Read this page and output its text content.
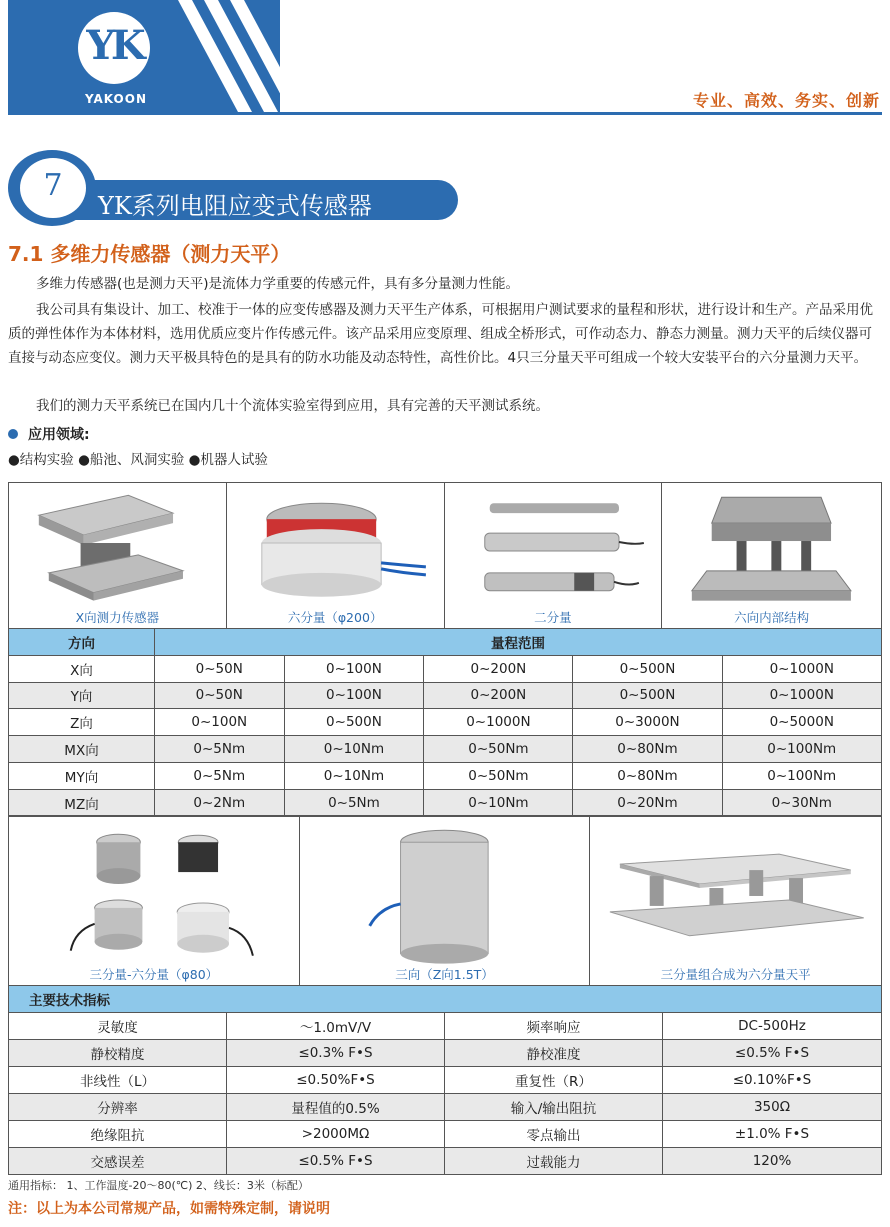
YK
YAKOON	专业、高效、务实、创新
YK系列电阻应变式传感器
7
7.1 多维力传感器（测力天平）
多维力传感器(也是测力天平)是流体力学重要的传感元件，具有多分量测力性能。
我公司具有集设计、加工、校准于一体的应变传感器及测力天平生产体系，可根据用户测试要求的量程和形状，进行设计和生产。产品采用优质的弹性体作为本体材料，选用优质应变片作传感元件。该产品采用应变原理、组成全桥形式，可作动态力、静态力测量。测力天平的后续仪器可直接与动态应变仪。测力天平极具特色的是具有的防水功能及动态特性，高性价比。4只三分量天平可组成一个较大安装平台的六分量测力天平。
我们的测力天平系统已在国内几十个流体实验室得到应用，具有完善的天平测试系统。
应用领域:
●结构实验 ●船池、风洞实验 ●机器人试验
X向测力传感器	六分量（φ200）	二分量	六向内部结构
方向	量程范围				
X向	0~50N	0~100N	0~200N	0~500N	0~1000N
Y向	0~50N	0~100N	0~200N	0~500N	0~1000N
Z向	0~100N	0~500N	0~1000N	0~3000N	0~5000N
MX向	0~5Nm	0~10Nm	0~50Nm	0~80Nm	0~100Nm
MY向	0~5Nm	0~10Nm	0~50Nm	0~80Nm	0~100Nm
MZ向	0~2Nm	0~5Nm	0~10Nm	0~20Nm	0~30Nm
三分量-六分量（φ80）	三向（Z向1.5T）	三分量组合成为六分量天平
主要技术指标			
灵敏度	～1.0mV/V	频率响应	DC-500Hz
静校精度	≤0.3% F•S	静校准度	≤0.5% F•S
非线性（L）	≤0.50%F•S	重复性（R）	≤0.10%F•S
分辨率	量程值的0.5%	输入/输出阻抗	350Ω
绝缘阻抗	>2000MΩ	零点输出	±1.0% F•S
交感误差	≤0.5% F•S	过载能力	120%
通用指标： 1、工作温度-20～80(℃) 2、线长：3米（标配）
注：以上为本公司常规产品，如需特殊定制，请说明
